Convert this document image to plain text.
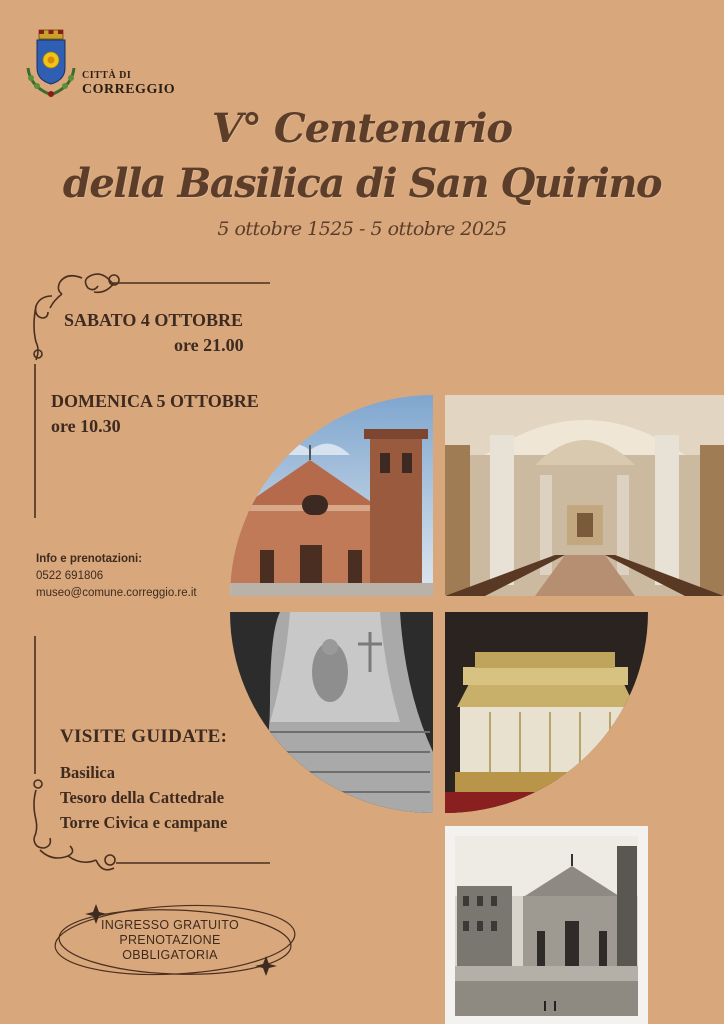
CITTÀ DI
CORREGGIO
V° Centenario
della Basilica di San Quirino
5 ottobre 1525 - 5 ottobre 2025
SABATO 4 OTTOBRE
ore 21.00
DOMENICA 5 OTTOBRE
ore 10.30
Info e prenotazioni:
0522 691806
museo@comune.correggio.re.it
VISITE GUIDATE:
Basilica
Tesoro della Cattedrale
Torre Civica e campane
INGRESSO GRATUITO
PRENOTAZIONE
OBBLIGATORIA
